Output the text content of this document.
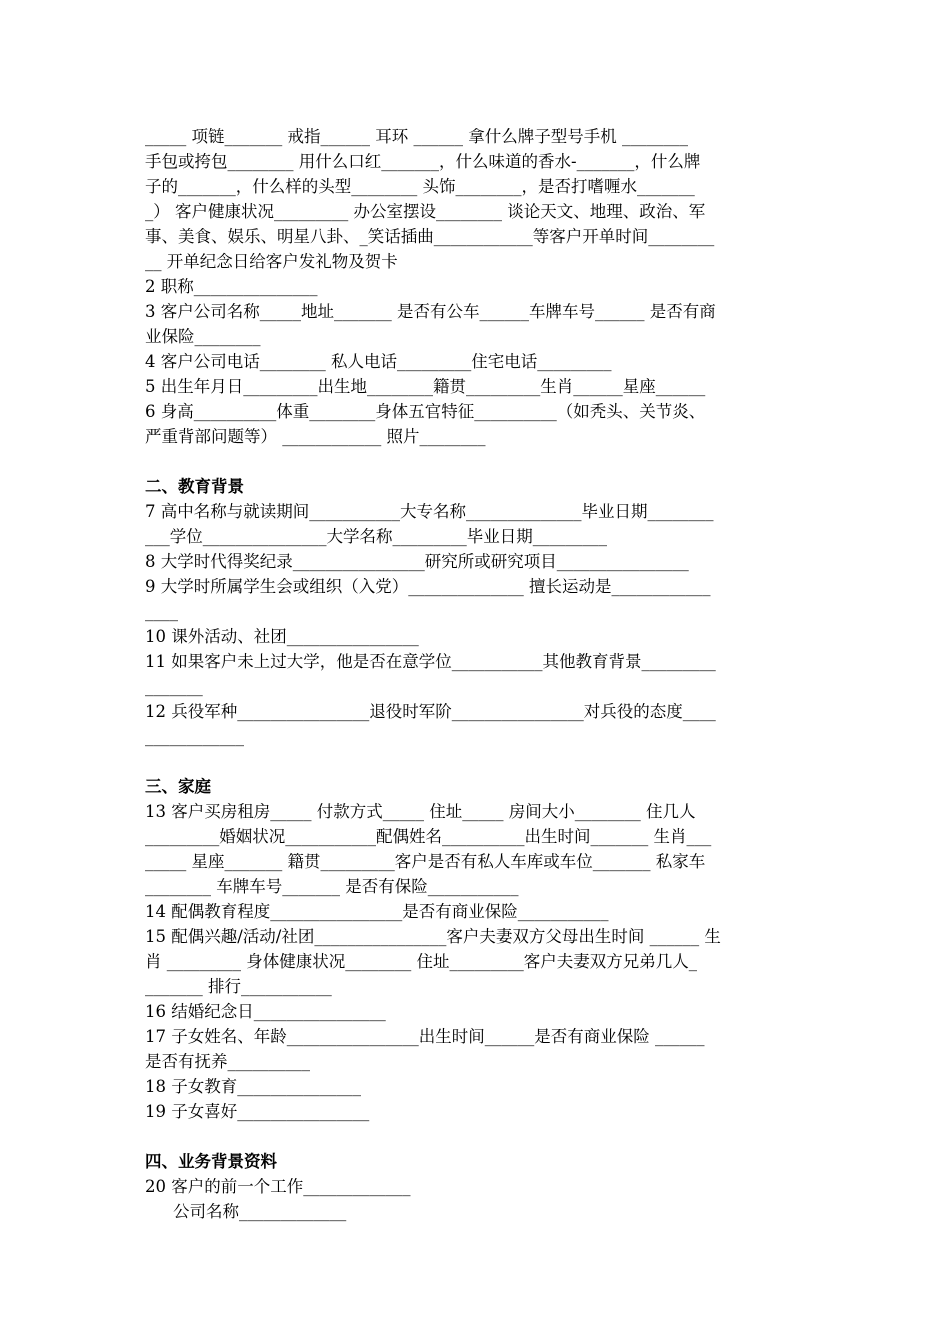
_____ 项链_______ 戒指______ 耳环 ______ 拿什么牌子型号手机 ________
手包或挎包________ 用什么口红_______，什么味道的香水-_______，什么牌
子的_______，什么样的头型________ 头饰________，是否打嗜喱水_______
_） 客户健康状况_________ 办公室摆设________ 谈论天文、地理、政治、军
事、美食、娱乐、明星八卦、_笑话插曲____________等客户开单时间________
__ 开单纪念日给客户发礼物及贺卡
2 职称_______________
3 客户公司名称_____地址_______ 是否有公车______车牌车号______ 是否有商
业保险________
4 客户公司电话________ 私人电话_________住宅电话_________
5 出生年月日_________出生地________籍贯_________生肖______星座______
6 身高__________体重________身体五官特征__________（如秃头、关节炎、
严重背部问题等） ____________ 照片________
二、教育背景
7 高中名称与就读期间___________大专名称______________毕业日期________
___学位_______________大学名称_________毕业日期_________
8 大学时代得奖纪录________________研究所或研究项目________________
9 大学时所属学生会或组织（入党）______________ 擅长运动是____________
____
10 课外活动、社团________________
11 如果客户未上过大学，他是否在意学位___________其他教育背景_________
_______
12 兵役军种________________退役时军阶________________对兵役的态度____
____________
三、家庭
13 客户买房租房_____ 付款方式_____ 住址_____ 房间大小________ 住几人
_________婚姻状况___________配偶姓名__________出生时间_______ 生肖___
_____ 星座_______ 籍贯_________客户是否有私人车库或车位_______ 私家车
________ 车牌车号_______ 是否有保险___________
14 配偶教育程度________________是否有商业保险___________
15 配偶兴趣/活动/社团________________客户夫妻双方父母出生时间 ______ 生
肖 _________ 身体健康状况________ 住址_________客户夫妻双方兄弟几人_
_______ 排行___________
16 结婚纪念日________________
17 子女姓名、年龄________________出生时间______是否有商业保险 ______
是否有抚养__________
18 子女教育_______________
19 子女喜好________________
四、业务背景资料
20 客户的前一个工作_____________
公司名称_____________
